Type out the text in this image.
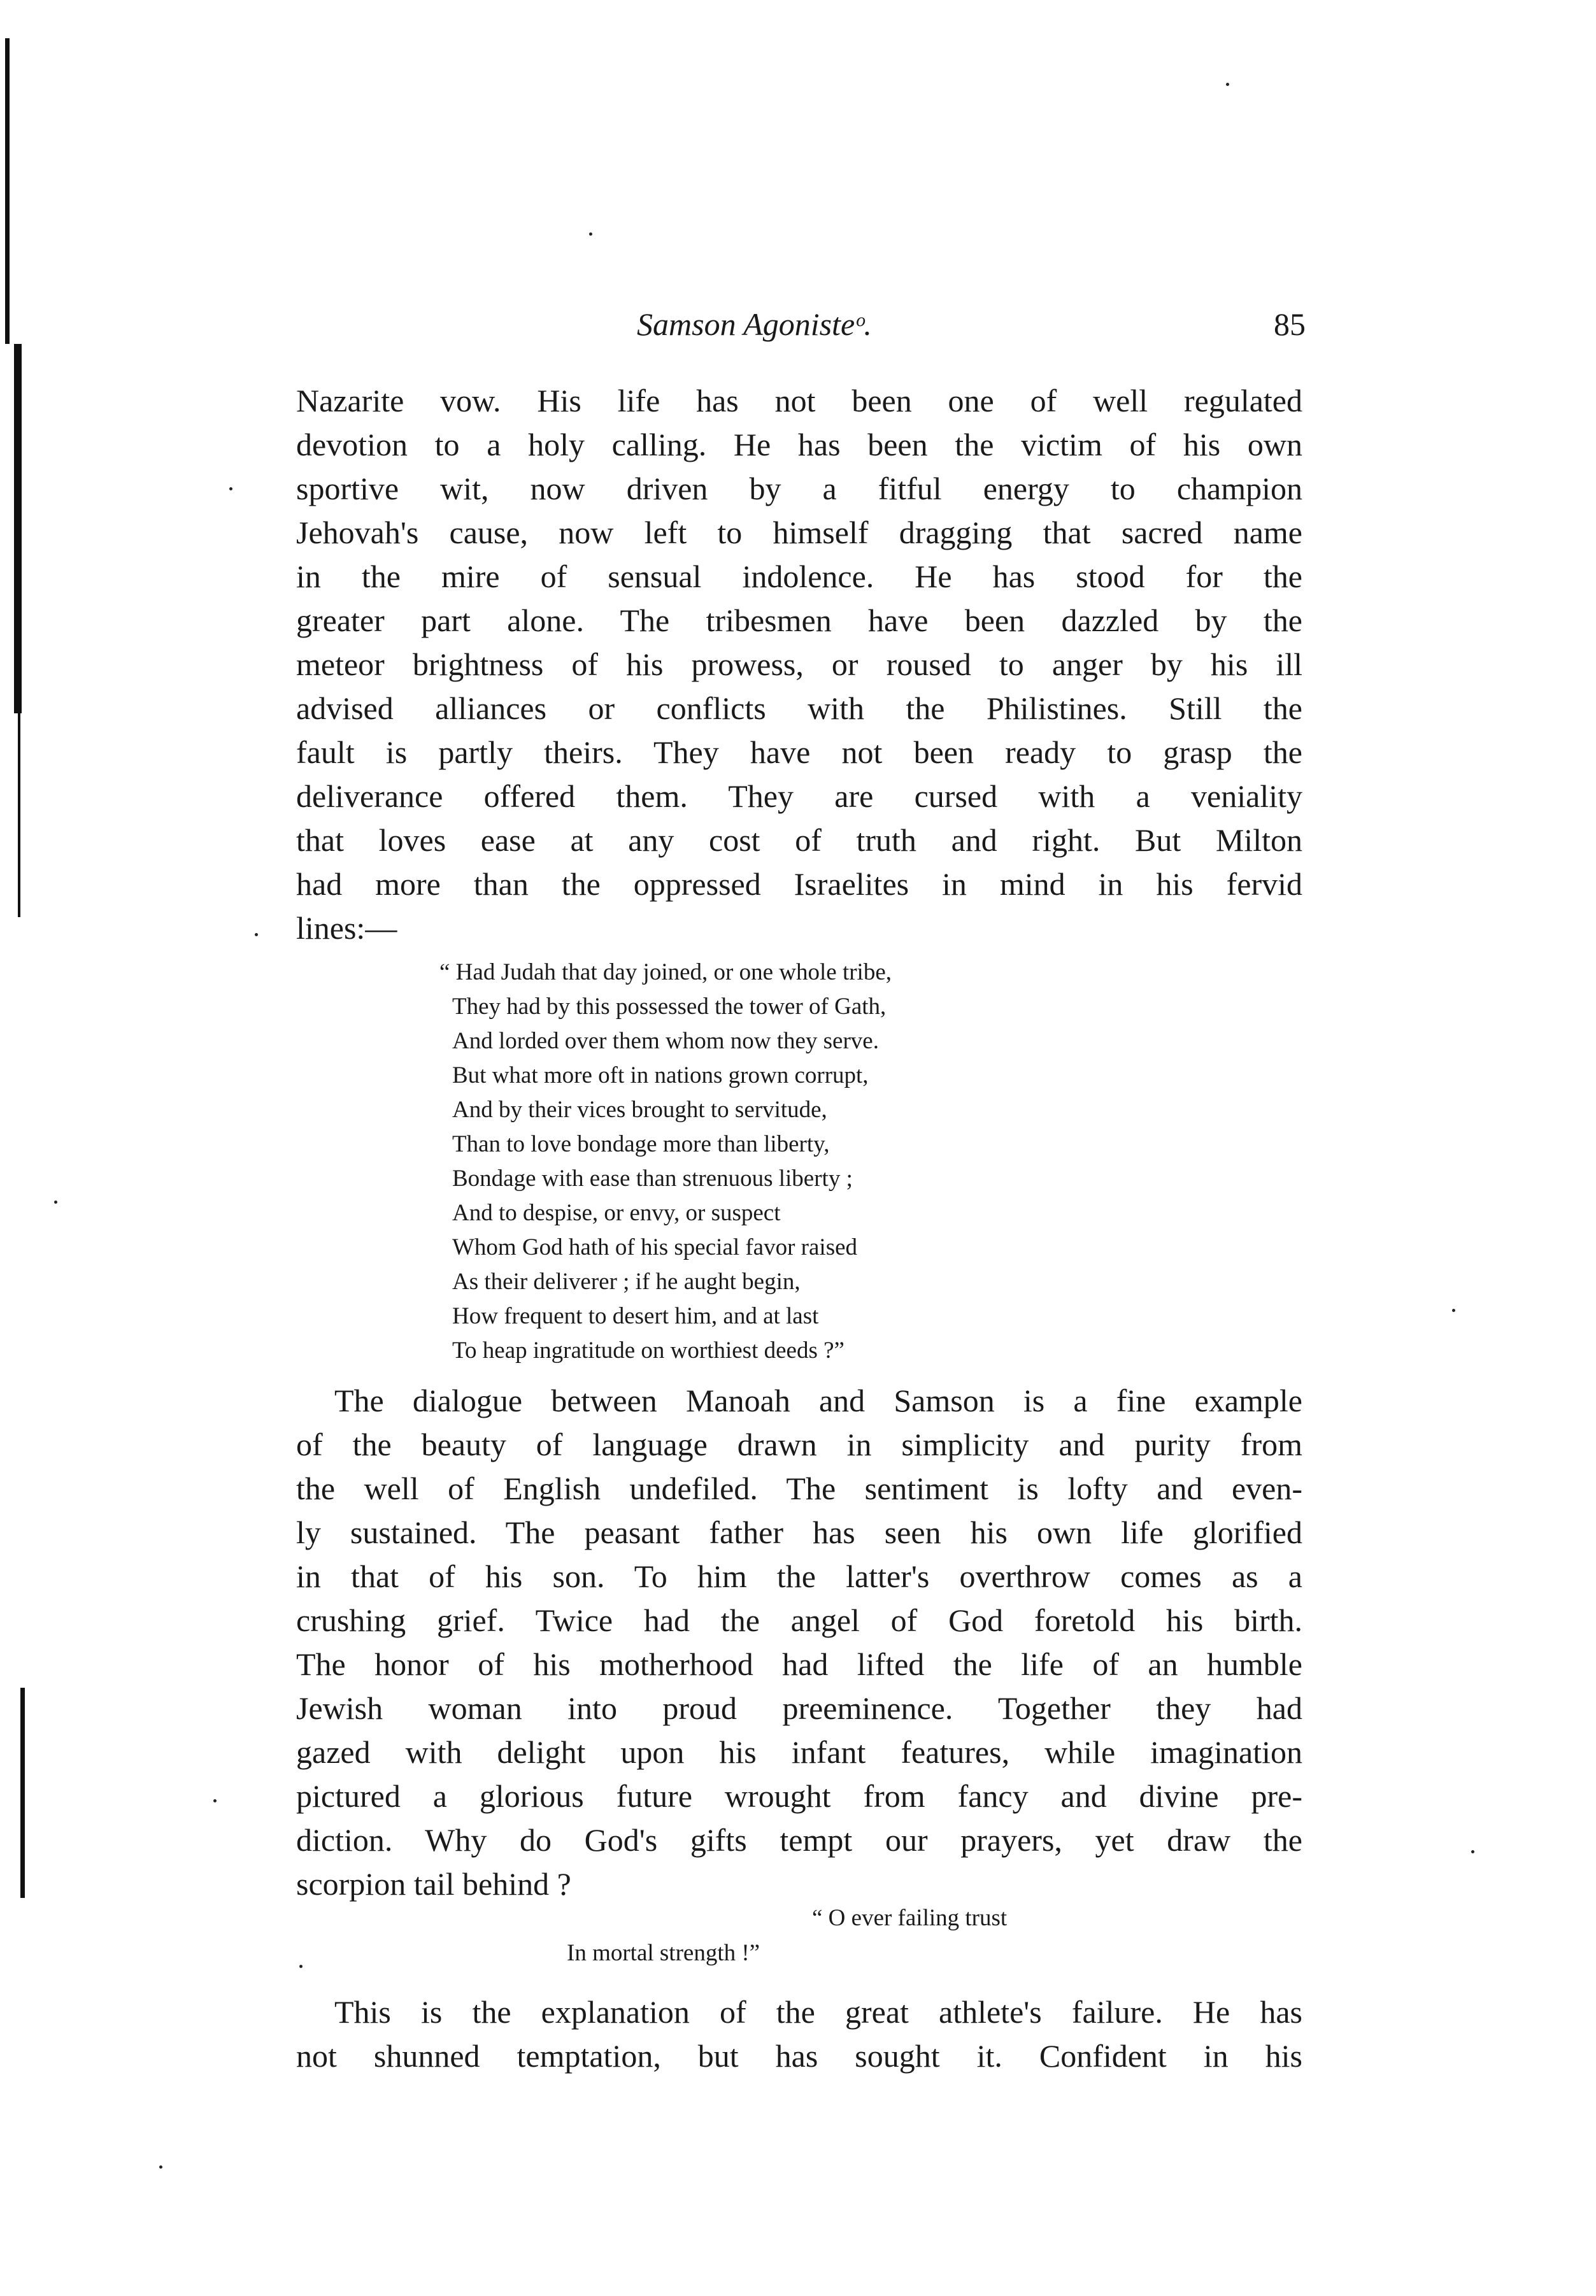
Samson Agonisteᵒ.	85
Nazarite vow. His life has not been one of well regulated
devotion to a holy calling. He has been the victim of his own
sportive wit, now driven by a fitful energy to champion
Jehovah's cause, now left to himself dragging that sacred name
in the mire of sensual indolence. He has stood for the
greater part alone. The tribesmen have been dazzled by the
meteor brightness of his prowess, or roused to anger by his ill
advised alliances or conflicts with the Philistines. Still the
fault is partly theirs. They have not been ready to grasp the
deliverance offered them. They are cursed with a veniality
that loves ease at any cost of truth and right. But Milton
had more than the oppressed Israelites in mind in his fervid
lines:—
“ Had Judah that day joined, or one whole tribe,
They had by this possessed the tower of Gath,
And lorded over them whom now they serve.
But what more oft in nations grown corrupt,
And by their vices brought to servitude,
Than to love bondage more than liberty,
Bondage with ease than strenuous liberty ;
And to despise, or envy, or suspect
Whom God hath of his special favor raised
As their deliverer ; if he aught begin,
How frequent to desert him, and at last
To heap ingratitude on worthiest deeds ?”
The dialogue between Manoah and Samson is a fine example
of the beauty of language drawn in simplicity and purity from
the well of English undefiled. The sentiment is lofty and even-
ly sustained. The peasant father has seen his own life glorified
in that of his son. To him the latter's overthrow comes as a
crushing grief. Twice had the angel of God foretold his birth.
The honor of his motherhood had lifted the life of an humble
Jewish woman into proud preeminence. Together they had
gazed with delight upon his infant features, while imagination
pictured a glorious future wrought from fancy and divine pre-
diction. Why do God's gifts tempt our prayers, yet draw the
scorpion tail behind ?
“ O ever failing trust
In mortal strength !”
This is the explanation of the great athlete's failure. He has
not shunned temptation, but has sought it. Confident in his
